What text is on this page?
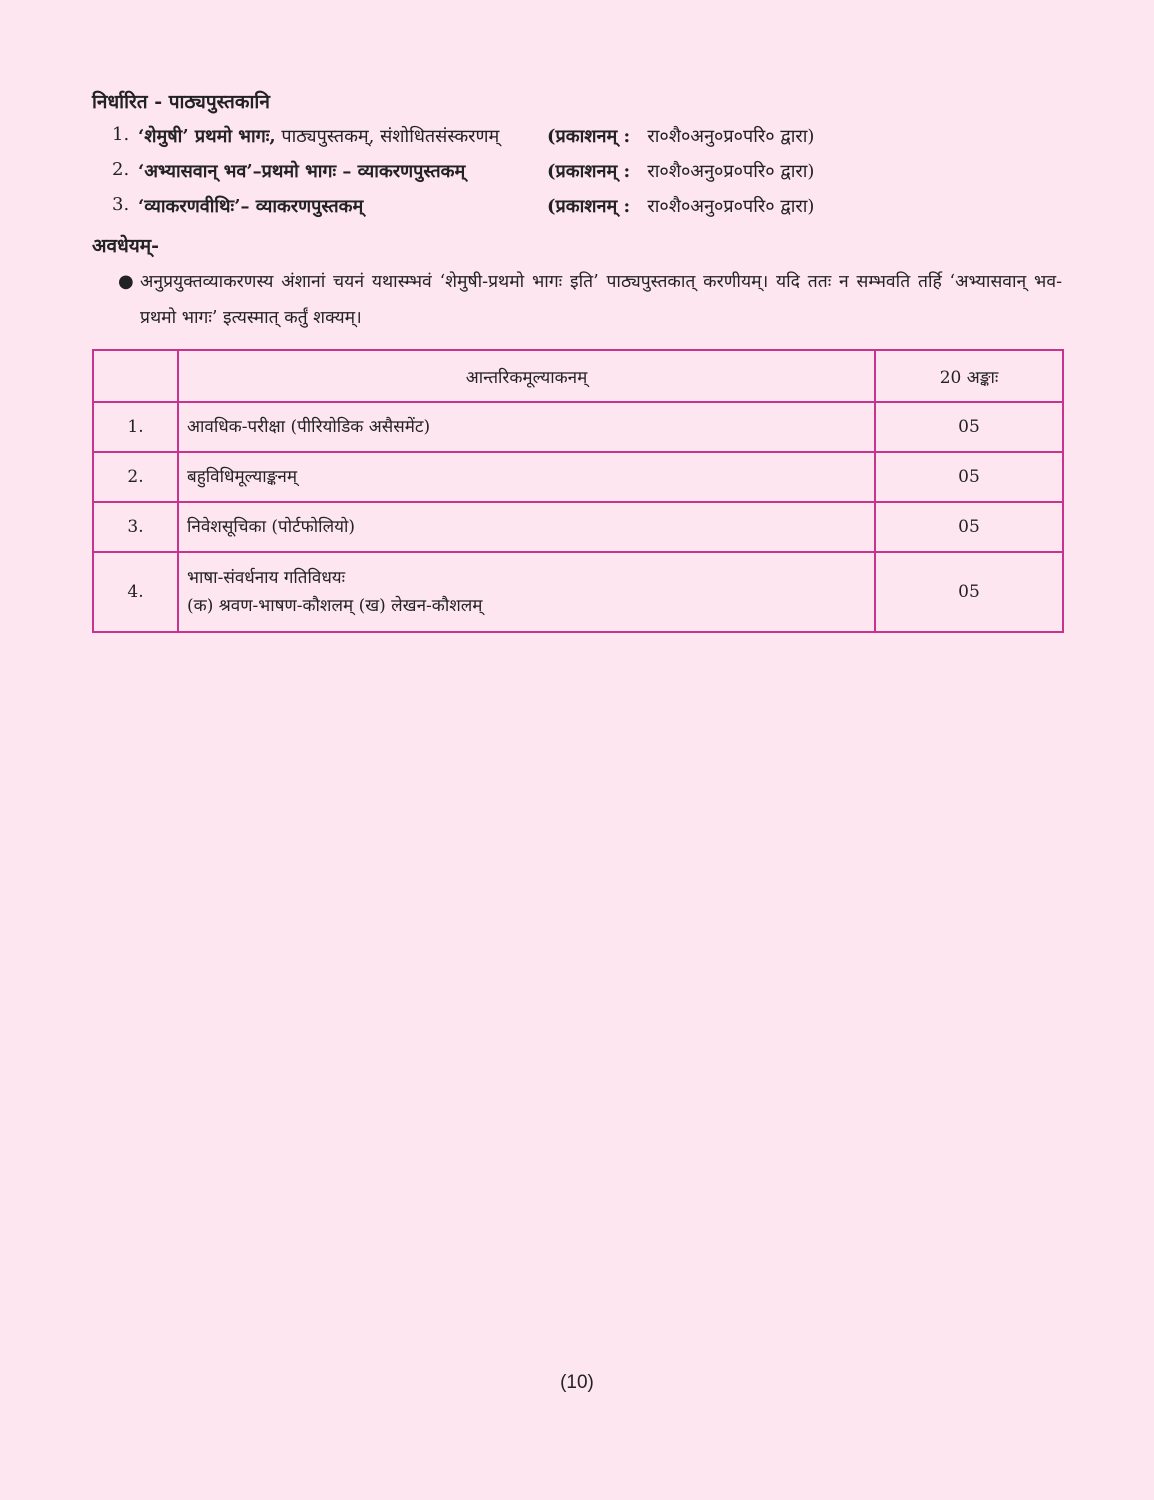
निर्धारित - पाठ्यपुस्तकानि
1. ‘शेमुषी’ प्रथमो भागः, पाठ्यपुस्तकम्, संशोधितसंस्करणम्	(प्रकाशनम् : रा०शै०अनु०प्र०परि० द्वारा)
2. ‘अभ्यासवान् भव’–प्रथमो भागः – व्याकरणपुस्तकम्	(प्रकाशनम् : रा०शै०अनु०प्र०परि० द्वारा)
3. ‘व्याकरणवीथिः’– व्याकरणपुस्तकम्	(प्रकाशनम् : रा०शै०अनु०प्र०परि० द्वारा)
अवधेयम्-
● अनुप्रयुक्तव्याकरणस्य अंशानां चयनं यथास्म्भवं ‘शेमुषी-प्रथमो भागः इति’ पाठ्यपुस्तकात् करणीयम्। यदि ततः न सम्भवति तर्हि ‘अभ्यासवान् भव-प्रथमो भागः’ इत्यस्मात् कर्तुं शक्यम्।
	आन्तरिकमूल्याकनम्	20 अङ्काः
1.	आवधिक-परीक्षा (पीरियोडिक असैसमेंट)	05
2.	बहुविधिमूल्याङ्कनम्	05
3.	निवेशसूचिका (पोर्टफोलियो)	05
4.	भाषा-संवर्धनाय गतिविधयः
(क) श्रवण-भाषण-कौशलम् (ख) लेखन-कौशलम्	05
(10)
